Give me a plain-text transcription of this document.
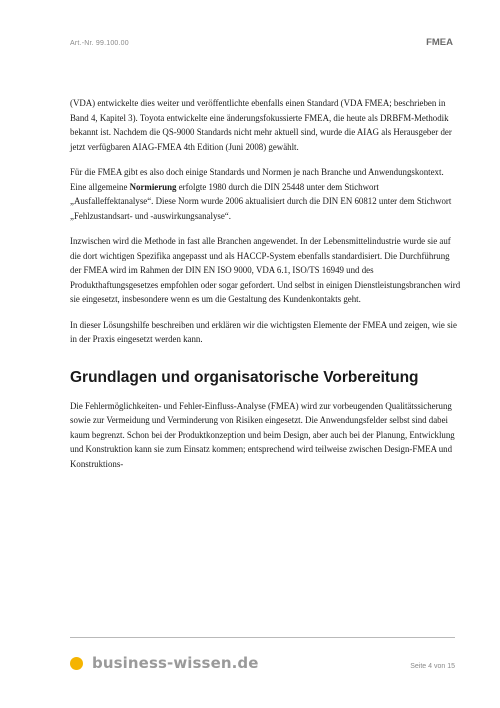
Art.-Nr. 99.100.00	FMEA

(VDA) entwickelte dies weiter und veröffentlichte ebenfalls einen Standard (VDA FMEA; beschrieben in Band 4, Kapitel 3). Toyota entwickelte eine änderungsfokussierte FMEA, die heute als DRBFM-Methodik bekannt ist. Nachdem die QS-9000 Standards nicht mehr aktuell sind, wurde die AIAG als Herausgeber der jetzt verfügbaren AIAG-FMEA 4th Edition (Juni 2008) gewählt.

Für die FMEA gibt es also doch einige Standards und Normen je nach Branche und Anwendungskontext. Eine allgemeine Normierung erfolgte 1980 durch die DIN 25448 unter dem Stichwort „Ausfalleffektanalyse“. Diese Norm wurde 2006 aktualisiert durch die DIN EN 60812 unter dem Stichwort „Fehlzustandsart- und -auswirkungsanalyse“.

Inzwischen wird die Methode in fast alle Branchen angewendet. In der Lebensmittelindustrie wurde sie auf die dort wichtigen Spezifika angepasst und als HACCP-System ebenfalls standardisiert. Die Durchführung der FMEA wird im Rahmen der DIN EN ISO 9000, VDA 6.1, ISO/TS 16949 und des Produkthaftungsgesetzes empfohlen oder sogar gefordert. Und selbst in einigen Dienstleistungsbranchen wird sie eingesetzt, insbesondere wenn es um die Gestaltung des Kundenkontakts geht.

In dieser Lösungshilfe beschreiben und erklären wir die wichtigsten Elemente der FMEA und zeigen, wie sie in der Praxis eingesetzt werden kann.

Grundlagen und organisatorische Vorbereitung

Die Fehlermöglichkeiten- und Fehler-Einfluss-Analyse (FMEA) wird zur vorbeugenden Qualitätssicherung sowie zur Vermeidung und Verminderung von Risiken eingesetzt. Die Anwendungsfelder selbst sind dabei kaum begrenzt. Schon bei der Produktkonzeption und beim Design, aber auch bei der Planung, Entwicklung und Konstruktion kann sie zum Einsatz kommen; entsprechend wird teilweise zwischen Design-FMEA und Konstruktions-

business-wissen.de	Seite 4 von 15
